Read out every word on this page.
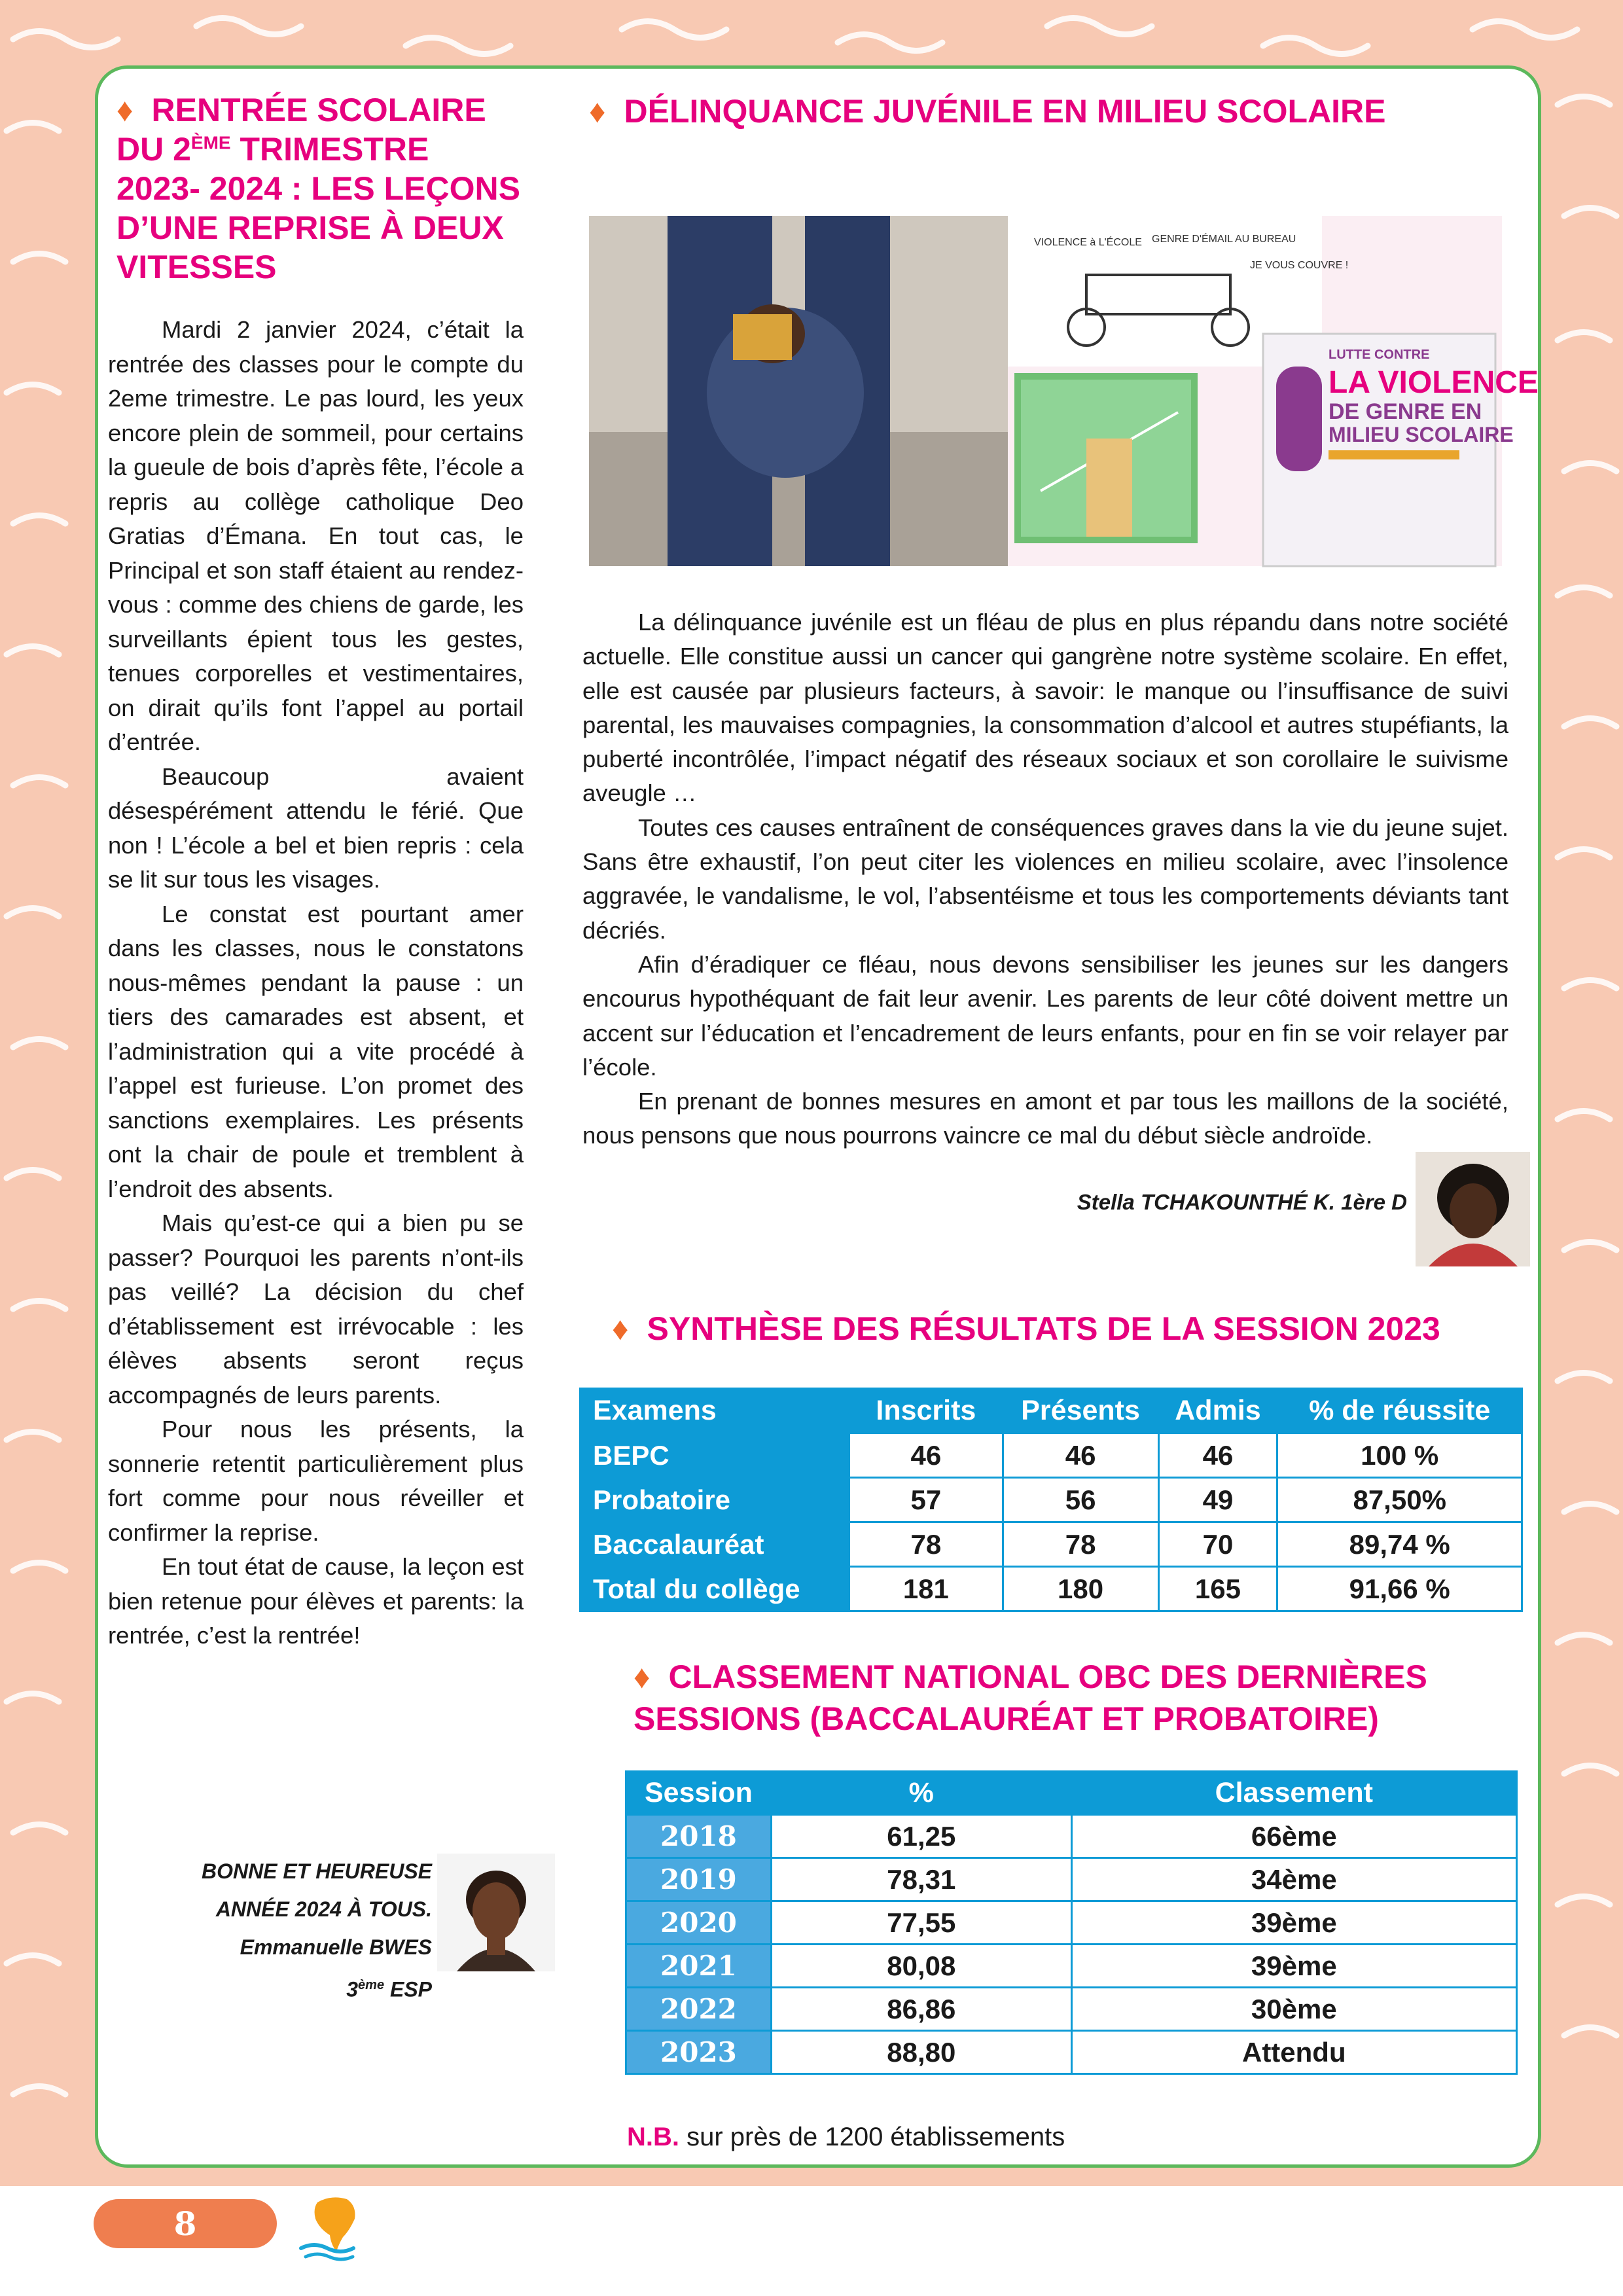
♦ RENTRÉE SCOLAIRE
DU 2ÈME TRIMESTRE
2023- 2024 : LES LEÇONS
D’UNE REPRISE À DEUX
VITESSES

Mardi 2 janvier 2024, c’était la rentrée des classes pour le compte du 2eme trimestre. Le pas lourd, les yeux encore plein de sommeil, pour certains la gueule de bois d’après fête, l’école a repris au collège catholique Deo Gratias d’Émana. En tout cas, le Principal et son staff étaient au rendez-vous : comme des chiens de garde, les surveillants épient tous les gestes, tenues corporelles et vestimentaires, on dirait qu’ils font l’appel au portail d’entrée.

Beaucoup avaient désespérément attendu le férié. Que non ! L’école a bel et bien repris : cela se lit sur tous les visages.

Le constat est pourtant amer dans les classes, nous le constatons nous-mêmes pendant la pause : un tiers des camarades est absent, et l’administration qui a vite procédé à l’appel est furieuse. L’on promet des sanctions exemplaires. Les présents ont la chair de poule et tremblent à l’endroit des absents.

Mais qu’est-ce qui a bien pu se passer? Pourquoi les parents n’ont-ils pas veillé? La décision du chef d’établissement est irrévocable : les élèves absents seront reçus accompagnés de leurs parents.

Pour nous les présents, la sonnerie retentit particulièrement plus fort comme pour nous réveiller et confirmer la reprise.

En tout état de cause, la leçon est bien retenue pour élèves et parents: la rentrée, c’est la rentrée!

BONNE ET HEUREUSE
ANNÉE 2024 À TOUS.
Emmanuelle BWES
3ème ESP
♦ DÉLINQUANCE JUVÉNILE EN MILIEU SCOLAIRE
VIOLENCE à L'ÉCOLE GENRE D'ÉMAIL AU BUREAU
JE VOUS COUVRE !
LUTTE CONTRE
LA VIOLENCE
DE GENRE EN
MILIEU SCOLAIRE

La délinquance juvénile est un fléau de plus en plus répandu dans notre société actuelle. Elle constitue aussi un cancer qui gangrène notre système scolaire. En effet, elle est causée par plusieurs facteurs, à savoir: le manque ou l’insuffisance de suivi parental, les mauvaises compagnies, la consommation d’alcool et autres stupéfiants, la puberté incontrôlée, l’impact négatif des réseaux sociaux et son corollaire le suivisme aveugle …

Toutes ces causes entraînent de conséquences graves dans la vie du jeune sujet. Sans être exhaustif, l’on peut citer les violences en milieu scolaire, avec l’insolence aggravée, le vandalisme, le vol, l’absentéisme et tous les comportements déviants tant décriés.

Afin d’éradiquer ce fléau, nous devons sensibiliser les jeunes sur les dangers encourus hypothéquant de fait leur avenir. Les parents de leur côté doivent mettre un accent sur l’éducation et l’encadrement de leurs enfants, pour en fin se voir relayer par l’école.

En prenant de bonnes mesures en amont et par tous les maillons de la société, nous pensons que nous pourrons vaincre ce mal du début siècle androïde.

Stella TCHAKOUNTHÉ K. 1ère D
♦ SYNTHÈSE DES RÉSULTATS DE LA SESSION 2023
Examens	Inscrits	Présents	Admis	% de réussite
BEPC	46	46	46	100 %
Probatoire	57	56	49	87,50%
Baccalauréat	78	78	70	89,74 %
Total du collège	181	180	165	91,66 %
♦ CLASSEMENT NATIONAL OBC DES DERNIÈRES
SESSIONS (BACCALAURÉAT ET PROBATOIRE)
Session	%	Classement
2018	61,25	66ème
2019	78,31	34ème
2020	77,55	39ème
2021	80,08	39ème
2022	86,86	30ème
2023	88,80	Attendu
N.B. sur près de 1200 établissements
8
